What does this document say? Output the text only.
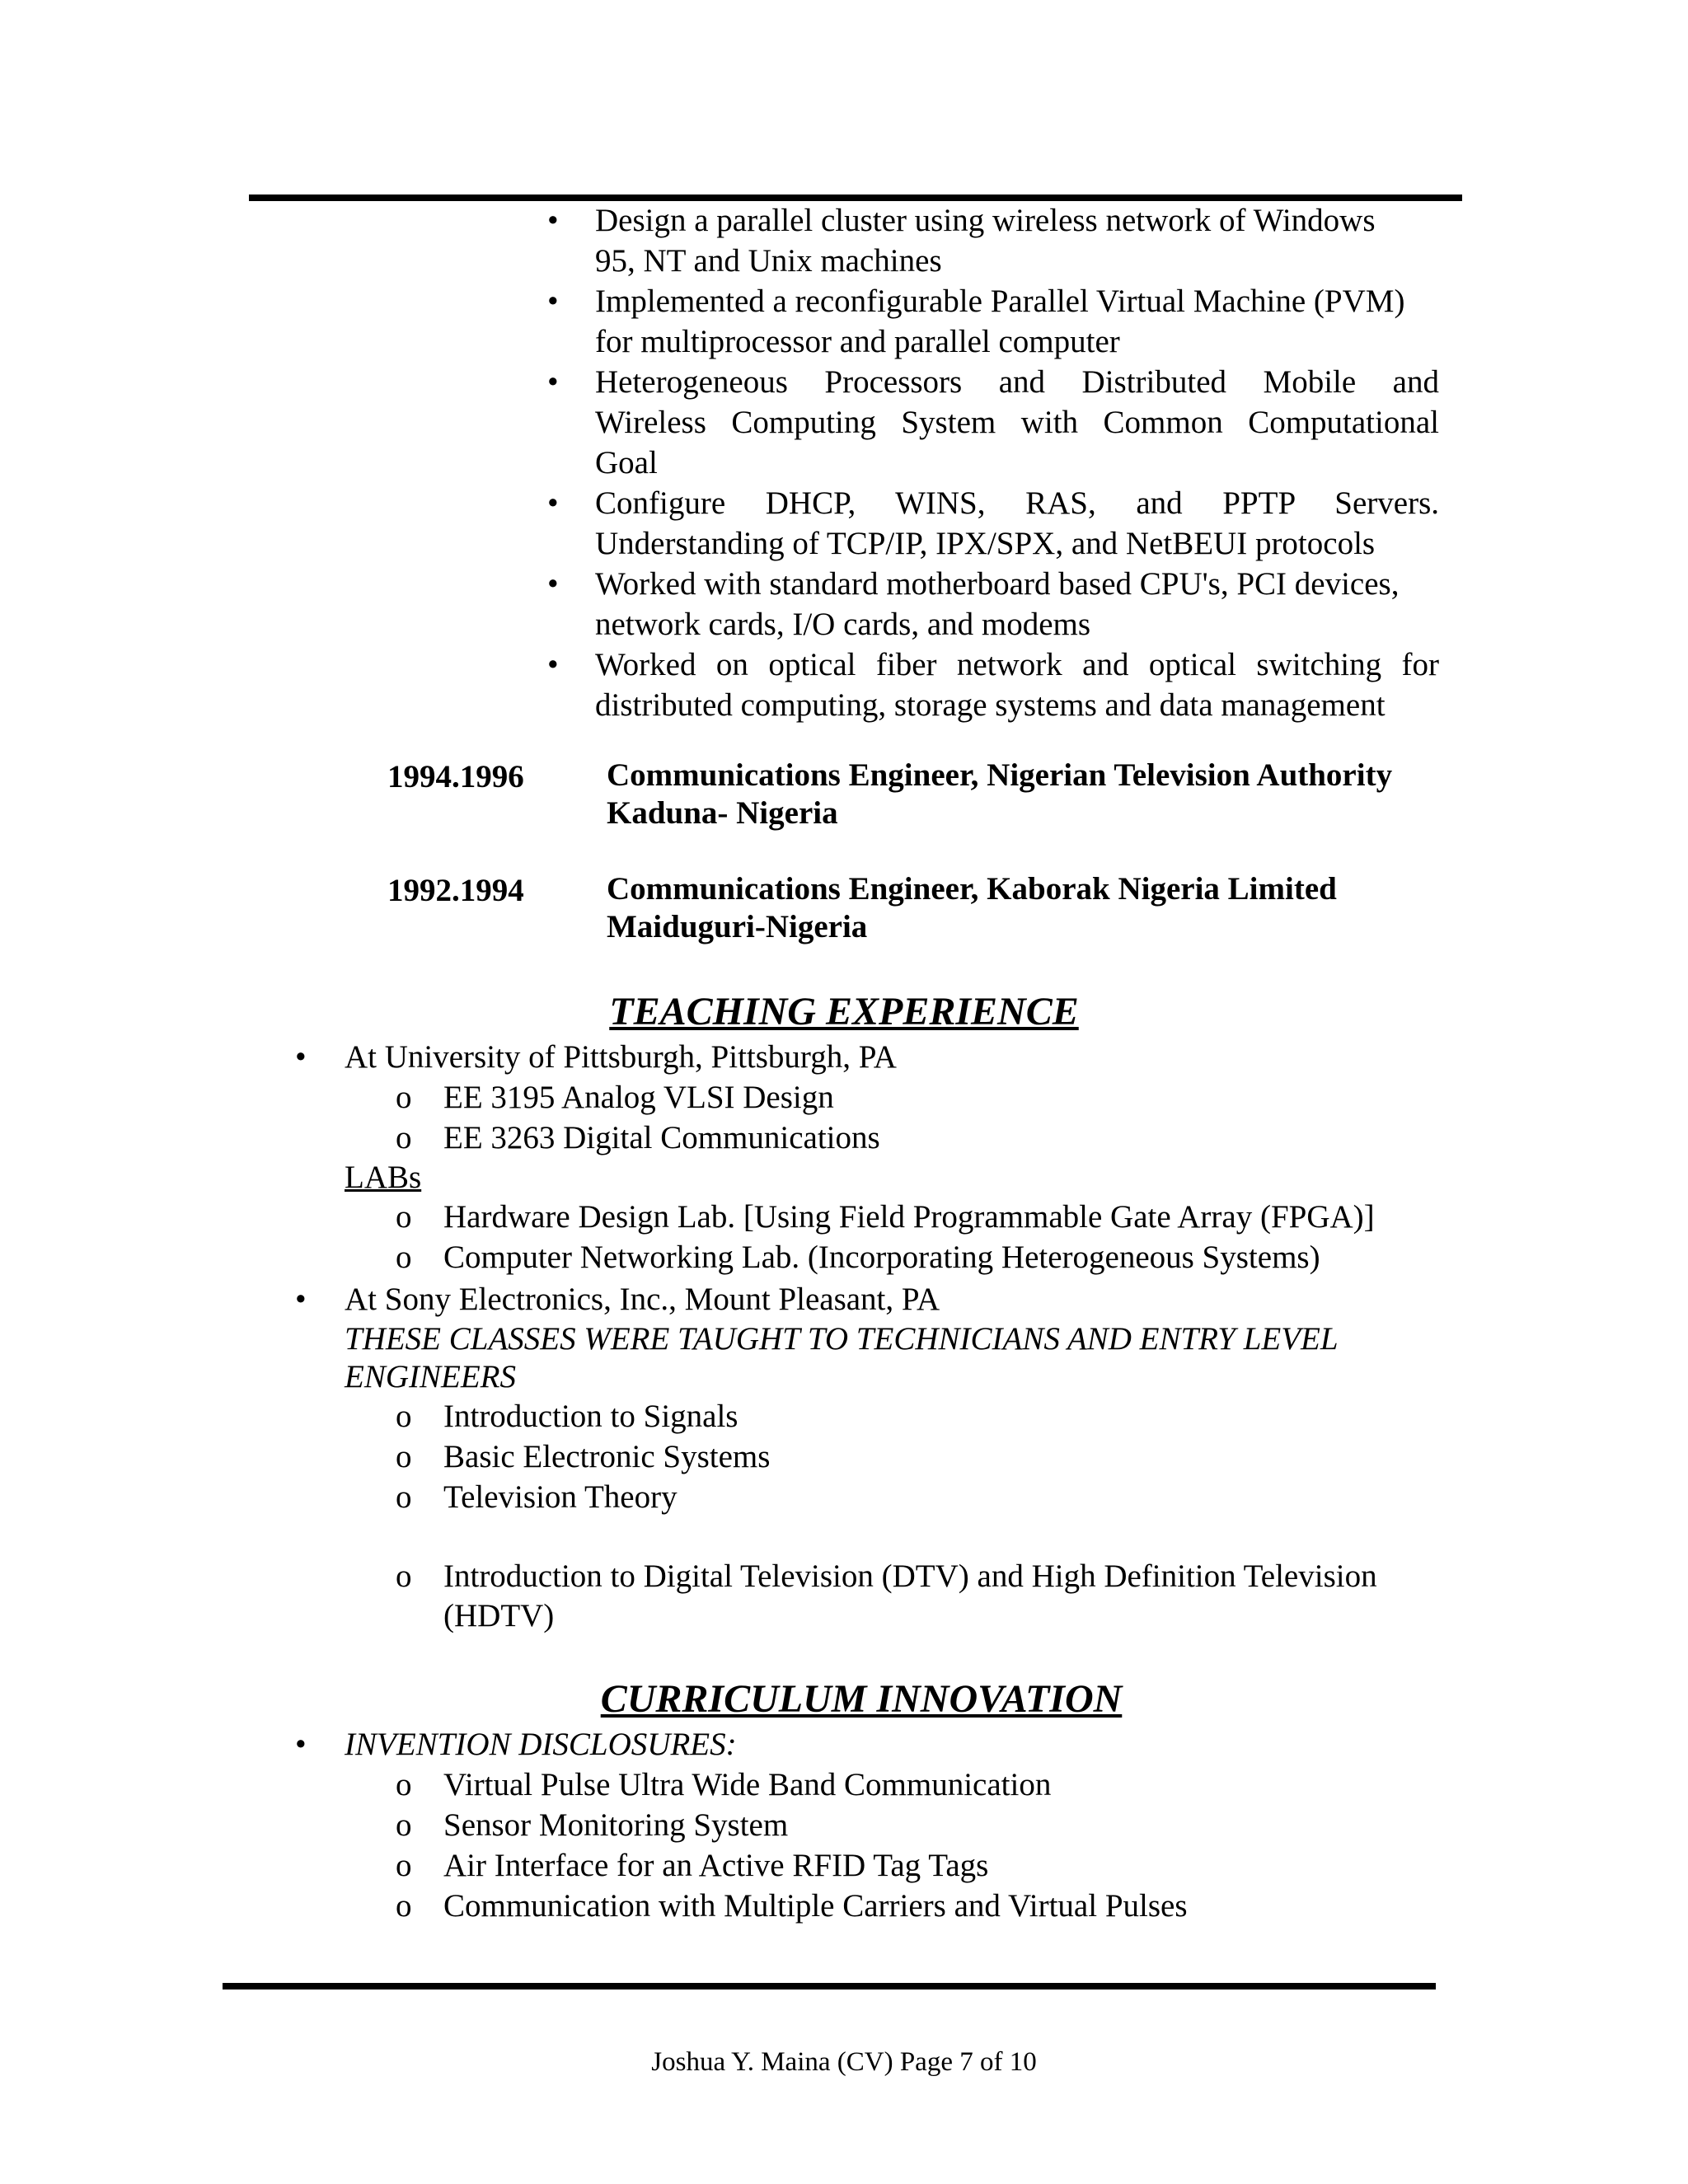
• Design a parallel cluster using wireless network of Windows
95, NT and Unix machines
• Implemented a reconfigurable Parallel Virtual Machine (PVM)
for multiprocessor and parallel computer
• Heterogeneous Processors and Distributed Mobile and
Wireless Computing System with Common Computational
Goal
• Configure DHCP, WINS, RAS, and PPTP Servers.
Understanding of TCP/IP, IPX/SPX, and NetBEUI protocols
• Worked with standard motherboard based CPU's, PCI devices,
network cards, I/O cards, and modems
• Worked on optical fiber network and optical switching for
distributed computing, storage systems and data management
1994.1996	Communications Engineer, Nigerian Television Authority
Kaduna- Nigeria
1992.1994	Communications Engineer, Kaborak Nigeria Limited
Maiduguri-Nigeria
TEACHING EXPERIENCE
• At University of Pittsburgh, Pittsburgh, PA
o EE 3195 Analog VLSI Design
o EE 3263 Digital Communications
LABs
o Hardware Design Lab. [Using Field Programmable Gate Array (FPGA)]
o Computer Networking Lab. (Incorporating Heterogeneous Systems)
• At Sony Electronics, Inc., Mount Pleasant, PA
THESE CLASSES WERE TAUGHT TO TECHNICIANS AND ENTRY LEVEL
ENGINEERS
o Introduction to Signals
o Basic Electronic Systems
o Television Theory
o Introduction to Digital Television (DTV) and High Definition Television
(HDTV)
CURRICULUM INNOVATION
• INVENTION DISCLOSURES:
o Virtual Pulse Ultra Wide Band Communication
o Sensor Monitoring System
o Air Interface for an Active RFID Tag Tags
o Communication with Multiple Carriers and Virtual Pulses
Joshua Y. Maina (CV) Page 7 of 10
